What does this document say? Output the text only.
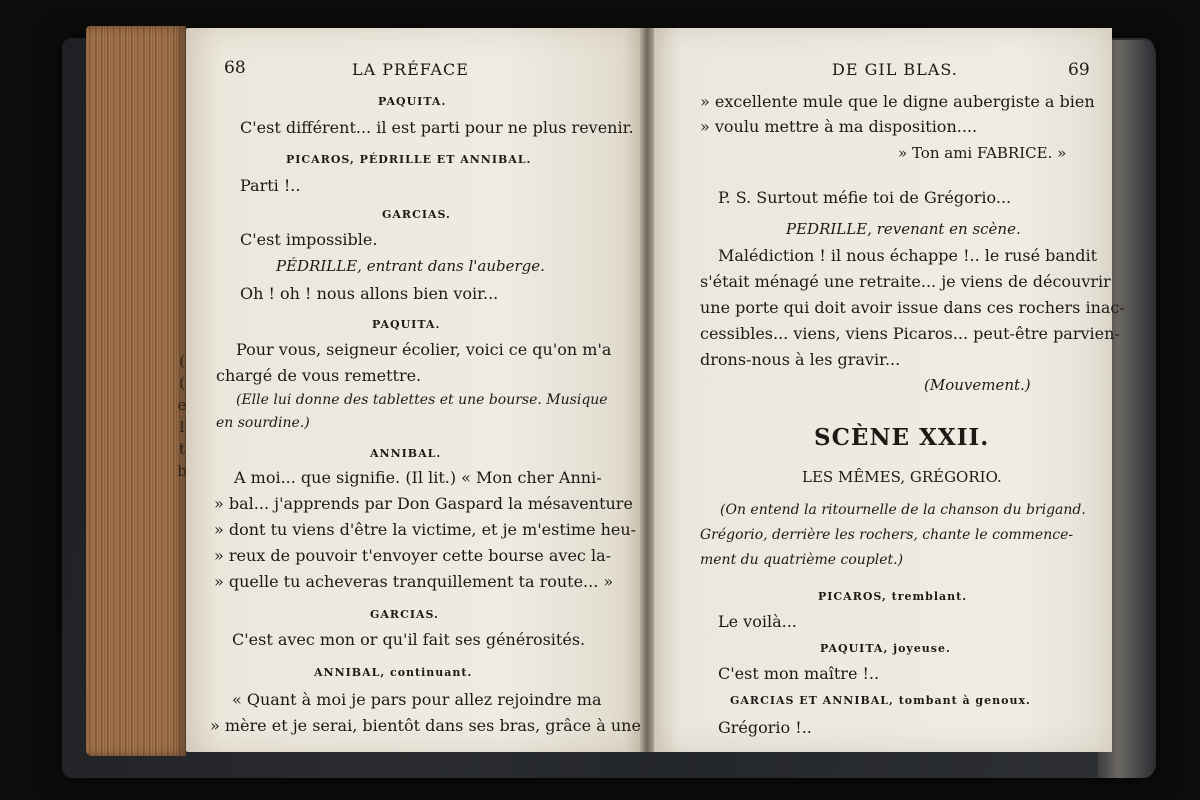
(
(
e
l
t
b
68	LA PRÉFACE
PAQUITA.
C'est différent... il est parti pour ne plus revenir.
PICAROS, PÉDRILLE ET ANNIBAL.
Parti !..
GARCIAS.
C'est impossible.
PÉDRILLE, entrant dans l'auberge.
Oh ! oh ! nous allons bien voir...
PAQUITA.
Pour vous, seigneur écolier, voici ce qu'on m'a
chargé de vous remettre.
(Elle lui donne des tablettes et une bourse. Musique
en sourdine.)
ANNIBAL.
A moi... que signifie. (Il lit.) « Mon cher Anni-
» bal... j'apprends par Don Gaspard la mésaventure
» dont tu viens d'être la victime, et je m'estime heu-
» reux de pouvoir t'envoyer cette bourse avec la-
» quelle tu acheveras tranquillement ta route... »
GARCIAS.
C'est avec mon or qu'il fait ses générosités.
ANNIBAL, continuant.
« Quant à moi je pars pour allez rejoindre ma
» mère et je serai, bientôt dans ses bras, grâce à une
DE GIL BLAS.	69
» excellente mule que le digne aubergiste a bien
» voulu mettre à ma disposition....
» Ton ami FABRICE. »
P. S. Surtout méfie toi de Grégorio...
PEDRILLE, revenant en scène.
Malédiction ! il nous échappe !.. le rusé bandit
s'était ménagé une retraite... je viens de découvrir
une porte qui doit avoir issue dans ces rochers inac-
cessibles... viens, viens Picaros... peut-être parvien-
drons-nous à les gravir...
(Mouvement.)
SCÈNE XXII.
LES MÊMES, GRÉGORIO.
(On entend la ritournelle de la chanson du brigand.
Grégorio, derrière les rochers, chante le commence-
ment du quatrième couplet.)
PICAROS, tremblant.
Le voilà...
PAQUITA, joyeuse.
C'est mon maître !..
GARCIAS ET ANNIBAL, tombant à genoux.
Grégorio !..
